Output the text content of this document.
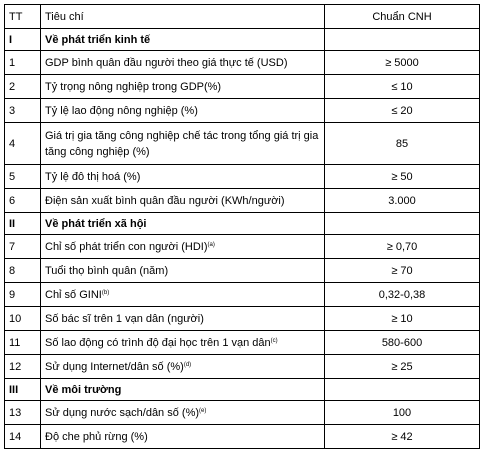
TT	Tiêu chí	Chuẩn CNH
I	Về phát triển kinh tế	
1	GDP bình quân đầu người theo giá thực tế (USD)	≥ 5000
2	Tỷ trọng nông nghiệp trong GDP(%)	≤ 10
3	Tỷ lệ lao động nông nghiệp (%)	≤ 20
4	Giá trị gia tăng công nghiệp chế tác trong tổng giá trị gia tăng công nghiệp (%)	85
5	Tỷ lệ đô thị hoá (%)	≥ 50
6	Điện sản xuất bình quân đầu người (KWh/người)	3.000
II	Về phát triển xã hội	
7	Chỉ số phát triển con người (HDI)$^{(a)}$	≥ 0,70
8	Tuổi thọ bình quân (năm)	≥ 70
9	Chỉ số GINI$^{(b)}$	0,32-0,38
10	Số bác sĩ trên 1 vạn dân (người)	≥ 10
11	Số lao động có trình độ đại học trên 1 vạn dân$^{(c)}$	580-600
12	Sử dụng Internet/dân số (%)$^{(d)}$	≥ 25
III	Về môi trường	
13	Sử dụng nước sạch/dân số (%)$^{(e)}$	100
14	Độ che phủ rừng (%)	≥ 42
